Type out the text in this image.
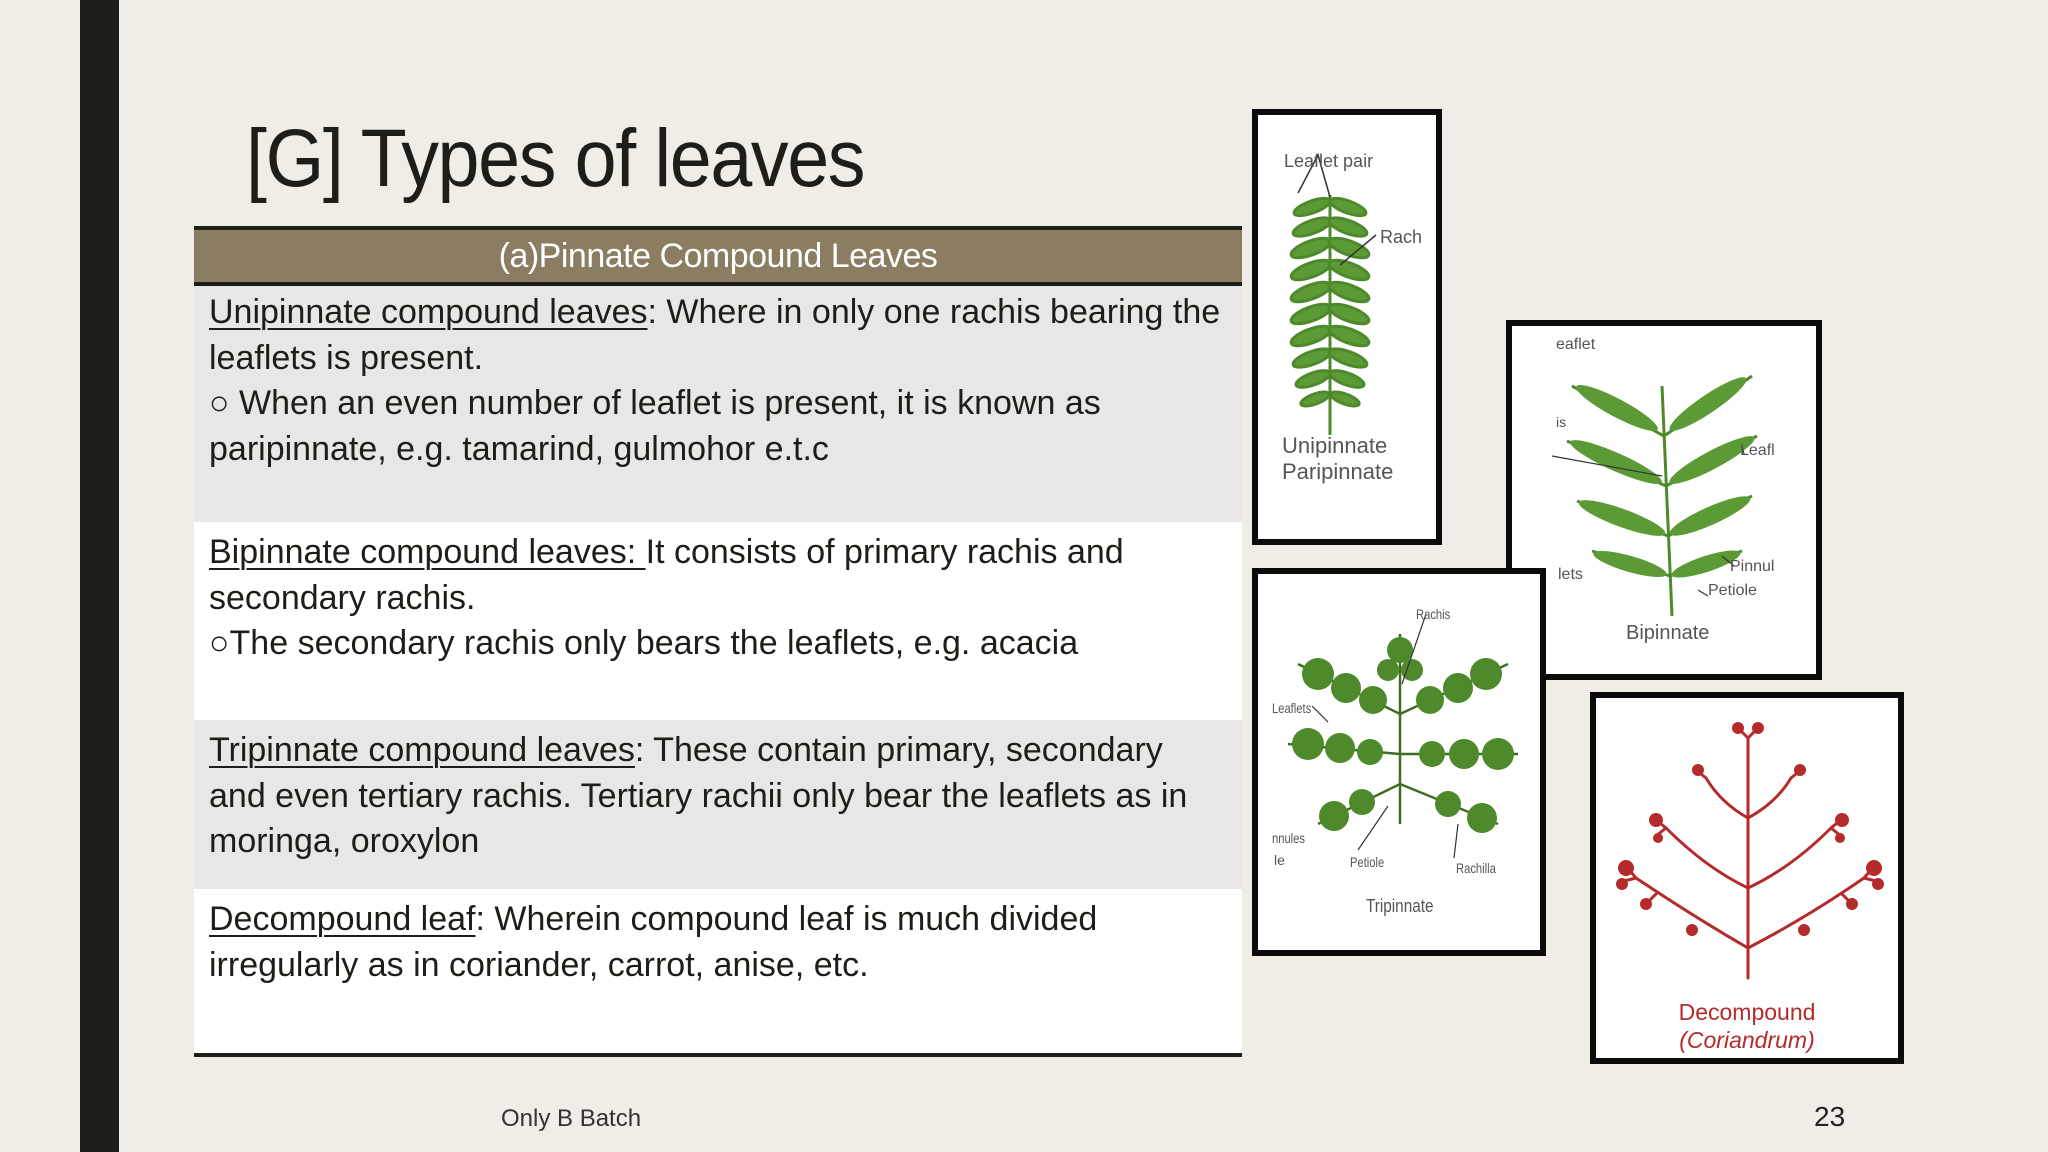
[G] Types of leaves
(a)Pinnate Compound Leaves

Unipinnate compound leaves: Where in only one rachis bearing the leaflets is present.

○ When an even number of leaflet is present, it is known as paripinnate, e.g. tamarind, gulmohor e.t.c

Bipinnate compound leaves: It consists of primary rachis and secondary rachis.

○The secondary rachis only bears the leaflets, e.g. acacia

Tripinnate compound leaves: These contain primary, secondary and even tertiary rachis. Tertiary rachii only bear the leaflets as in moringa, oroxylon

Decompound leaf: Wherein compound leaf is much divided irregularly as in coriander, carrot, anise, etc.

Only B Batch	23
Leaflet pair
Rach
Unipinnate
Paripinnate
eaflet
is
Leafl
Pinnul
Petiole
lets
Bipinnate
Rachis
Leaflets
nnules
le	Petiole	Rachilla
Tripinnate
Decompound
(Coriandrum)
